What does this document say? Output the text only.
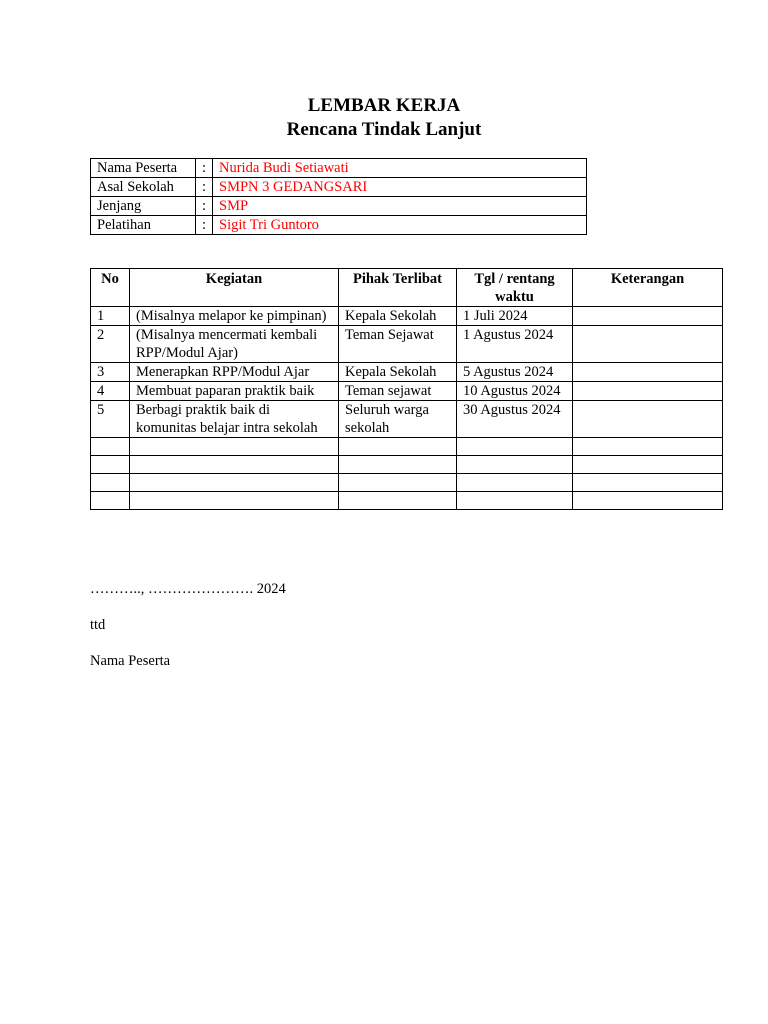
LEMBAR KERJA
Rencana Tindak Lanjut
Nama Peserta	:	Nurida Budi Setiawati
Asal Sekolah	:	SMPN 3 GEDANGSARI
Jenjang	:	SMP
Pelatihan	:	Sigit Tri Guntoro
No	Kegiatan	Pihak Terlibat	Tgl / rentang waktu	Keterangan
1	(Misalnya melapor ke pimpinan)	Kepala Sekolah	1 Juli 2024	
2	(Misalnya mencermati kembali RPP/Modul Ajar)	Teman Sejawat	1 Agustus 2024	
3	Menerapkan RPP/Modul Ajar	Kepala Sekolah	5 Agustus 2024	
4	Membuat paparan praktik baik	Teman sejawat	10 Agustus 2024	
5	Berbagi praktik baik di komunitas belajar intra sekolah	Seluruh warga sekolah	30 Agustus 2024	

……….., …………………. 2024
ttd
Nama Peserta
